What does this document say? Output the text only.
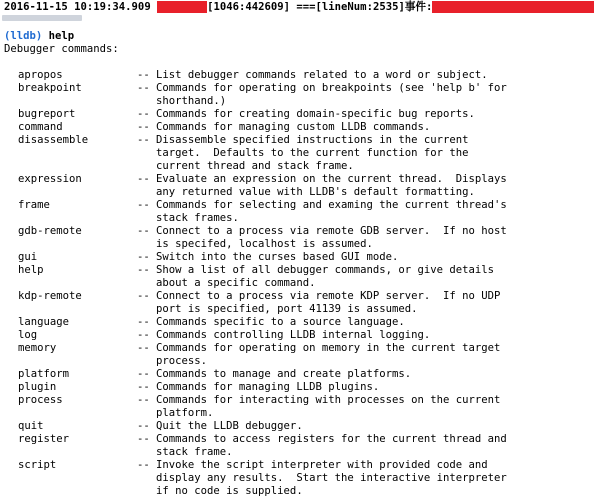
2016-11-15 10:19:34.909	[1046:442609] ===[lineNum:2535]事件:
(lldb) help
Debugger commands:
apropos	-- List debugger commands related to a word or subject.
breakpoint	-- Commands for operating on breakpoints (see 'help b' for
shorthand.)
bugreport	-- Commands for creating domain-specific bug reports.
command	-- Commands for managing custom LLDB commands.
disassemble	-- Disassemble specified instructions in the current
target.  Defaults to the current function for the
current thread and stack frame.
expression	-- Evaluate an expression on the current thread.  Displays
any returned value with LLDB's default formatting.
frame	-- Commands for selecting and examing the current thread's
stack frames.
gdb-remote	-- Connect to a process via remote GDB server.  If no host
is specifed, localhost is assumed.
gui	-- Switch into the curses based GUI mode.
help	-- Show a list of all debugger commands, or give details
about a specific command.
kdp-remote	-- Connect to a process via remote KDP server.  If no UDP
port is specified, port 41139 is assumed.
language	-- Commands specific to a source language.
log	-- Commands controlling LLDB internal logging.
memory	-- Commands for operating on memory in the current target
process.
platform	-- Commands to manage and create platforms.
plugin	-- Commands for managing LLDB plugins.
process	-- Commands for interacting with processes on the current
platform.
quit	-- Quit the LLDB debugger.
register	-- Commands to access registers for the current thread and
stack frame.
script	-- Invoke the script interpreter with provided code and
display any results.  Start the interactive interpreter
if no code is supplied.
